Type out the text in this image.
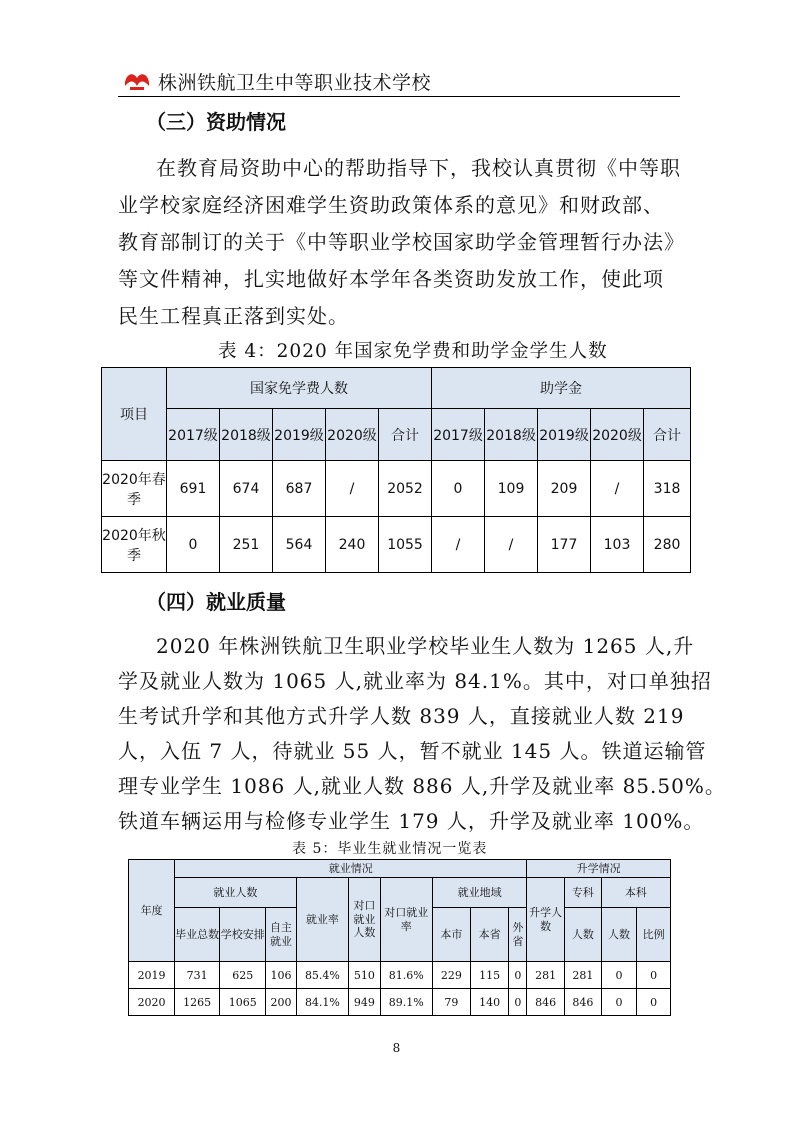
株洲铁航卫生中等职业技术学校
（三）资助情况
在教育局资助中心的帮助指导下，我校认真贯彻《中等职
业学校家庭经济困难学生资助政策体系的意见》和财政部、
教育部制订的关于《中等职业学校国家助学金管理暂行办法》
等文件精神，扎实地做好本学年各类资助发放工作，使此项
民生工程真正落到实处。
表 4：2020 年国家免学费和助学金学生人数
项目	国家免学费人数					助学金				
	2017级	2018级	2019级	2020级	合计	2017级	2018级	2019级	2020级	合计
2020年春季	691	674	687	/	2052	0	109	209	/	318
2020年秋季	0	251	564	240	1055	/	/	177	103	280
（四）就业质量
2020 年株洲铁航卫生职业学校毕业生人数为 1265 人,升
学及就业人数为 1065 人,就业率为 84.1%。其中，对口单独招
生考试升学和其他方式升学人数 839 人，直接就业人数 219
人，入伍 7 人，待就业 55 人，暂不就业 145 人。铁道运输管
理专业学生 1086 人,就业人数 886 人,升学及就业率 85.50%。
铁道车辆运用与检修专业学生 179 人，升学及就业率 100%。
表 5：毕业生就业情况一览表
年度	就业情况									升学情况			
	就业人数			就业率	对口就业人数	对口就业率	就业地域			升学人数	专科	本科	
	毕业总数	学校安排	自主就业				本市	本省	外省		人数	人数	比例
2019	731	625	106	85.4%	510	81.6%	229	115	0	281	281	0	0
2020	1265	1065	200	84.1%	949	89.1%	79	140	0	846	846	0	0
8
